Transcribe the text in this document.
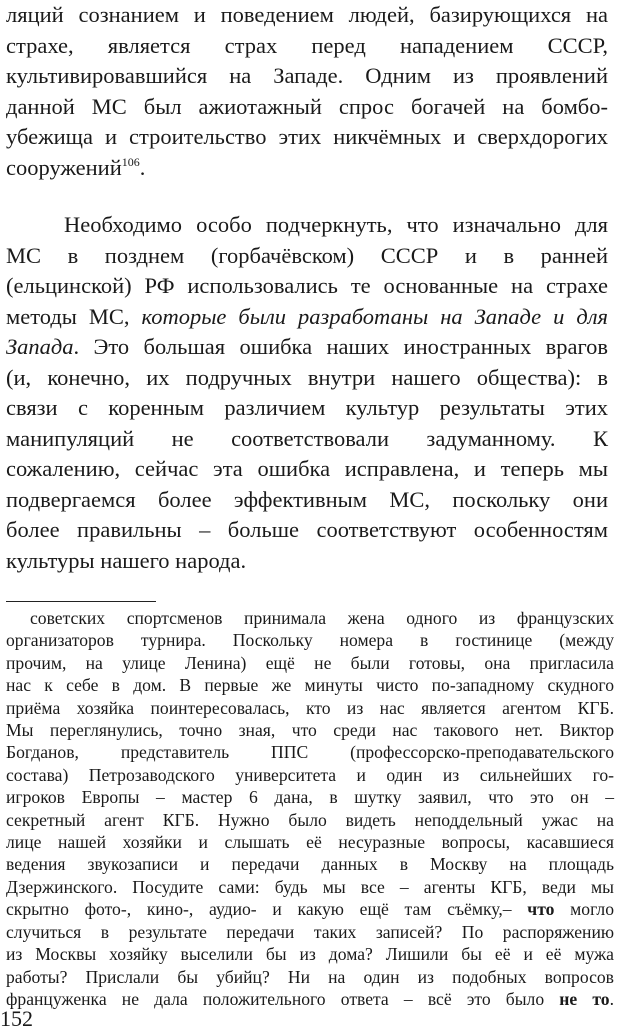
ляций сознанием и поведением людей, базирующихся на
страхе, является страх перед нападением СССР,
культивировавшийся на Западе. Одним из проявлений
данной МС был ажиотажный спрос богачей на бомбо-
убежища и строительство этих никчёмных и сверхдорогих
сооружений$^{106}$.
Необходимо особо подчеркнуть, что изначально для
МС в позднем (горбачёвском) СССР и в ранней
(ельцинской) РФ использовались те основанные на страхе
методы МС, которые были разработаны на Западе и для
Запада. Это большая ошибка наших иностранных врагов
(и, конечно, их подручных внутри нашего общества): в
связи с коренным различием культур результаты этих
манипуляций не соответствовали задуманному. К
сожалению, сейчас эта ошибка исправлена, и теперь мы
подвергаемся более эффективным МС, поскольку они
более правильны – больше соответствуют особенностям
культуры нашего народа.
советских спортсменов принимала жена одного из французских
организаторов турнира. Поскольку номера в гостинице (между
прочим, на улице Ленина) ещё не были готовы, она пригласила
нас к себе в дом. В первые же минуты чисто по-западному скудного
приёма хозяйка поинтересовалась, кто из нас является агентом КГБ.
Мы переглянулись, точно зная, что среди нас такового нет. Виктор
Богданов, представитель ППС (профессорско-преподавательского
состава) Петрозаводского университета и один из сильнейших го-
игроков Европы – мастер 6 дана, в шутку заявил, что это он –
секретный агент КГБ. Нужно было видеть неподдельный ужас на
лице нашей хозяйки и слышать её несуразные вопросы, касавшиеся
ведения звукозаписи и передачи данных в Москву на площадь
Дзержинского. Посудите сами: будь мы все – агенты КГБ, веди мы
скрытно фото-, кино-, аудио- и какую ещё там съёмку,– что могло
случиться в результате передачи таких записей? По распоряжению
из Москвы хозяйку выселили бы из дома? Лишили бы её и её мужа
работы? Прислали бы убийц? Ни на один из подобных вопросов
француженка не дала положительного ответа – всё это было не то.
152
